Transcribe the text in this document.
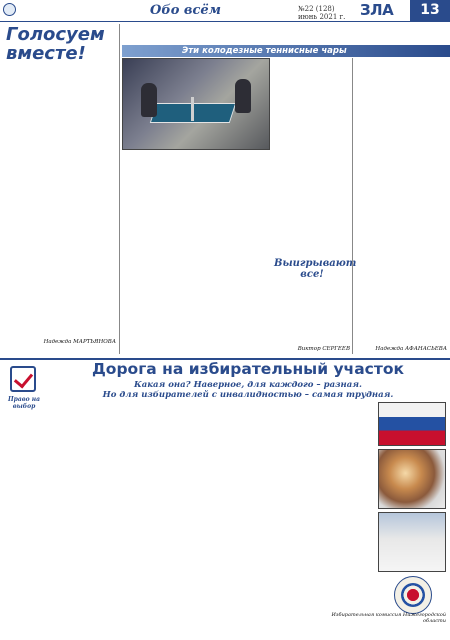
Обо всём	№22 (128)
июнь 2021 г. ЗЛА	13
Голосуем вместе!
Надежда МАРТЬЯНОВА
Эти колодезные теннисные чары
Выигрывают все!
Виктор СЕРГЕЕВ	Надежда АФАНАСЬЕВА
Право на выбор
Дорога на избирательный участок
Какая она? Наверное, для каждого – разная.
Но для избирателей с инвалидностью – самая трудная.
Избирательная комиссия Нижегородской области
